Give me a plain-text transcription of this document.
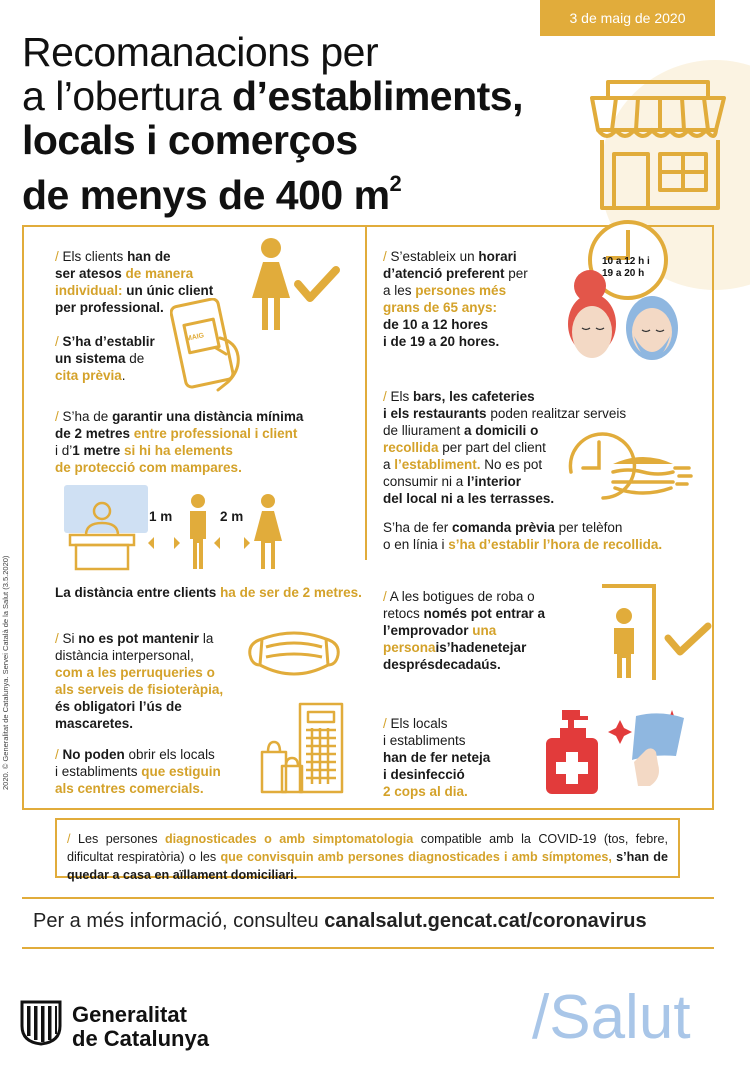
3 de maig de 2020
Recomanacions per
a l’obertura d’establiments,
locals i comerços
de menys de 400 $m^2$
2020. © Generalitat de Catalunya. Servei Català de la Salut (3.5.2020)
/ Els clients han de
ser atesos de manera
individual: un únic client
per professional.
/ S’ha d’establir
un sistema de
cita prèvia.
MAIG
/ S’ha de garantir una distància mínima
de 2 metres entre professional i client
i d’1 metre si hi ha elements
de protecció com mampares.
1 m	2 m
La distància entre clients ha de ser de 2 metres.
/ Si no es pot mantenir la
distància interpersonal,
com a les perruqueries o
als serveis de fisioteràpia,
és obligatori l’ús de
mascaretes.
/ No poden obrir els locals
i establiments que estiguin
als centres comercials.
/ S’estableix un horari
d’atenció preferent per
a les persones més
grans de 65 anys:
de 10 a 12 hores
i de 19 a 20 hores.
10 a 12 h i
19 a 20 h
/ Els bars, les cafeteries
i els restaurants poden realitzar serveis
de lliurament a domicili o
recollida per part del client
a l’establiment. No es pot
consumir ni a l’interior
del local ni a les terrasses.
S’ha de fer comanda prèvia per telèfon
o en línia i s’ha d’establir l’hora de recollida.
/ A les botigues de roba o
retocs només pot entrar a
l’emprovador una
personais’hadenetejar
desprésdecadaús.
/ Els locals
i establiments
han de fer neteja
i desinfecció
2 cops al dia.
/ Les persones diagnosticades o amb simptomatologia compatible amb la COVID-19 (tos, febre, dificultat respiratòria) o les que convisquin amb persones diagnosticades i amb símptomes, s’han de quedar a casa en aïllament domiciliari.
Per a més informació, consulteu canalsalut.gencat.cat/coronavirus
Generalitat
de Catalunya	/Salut
